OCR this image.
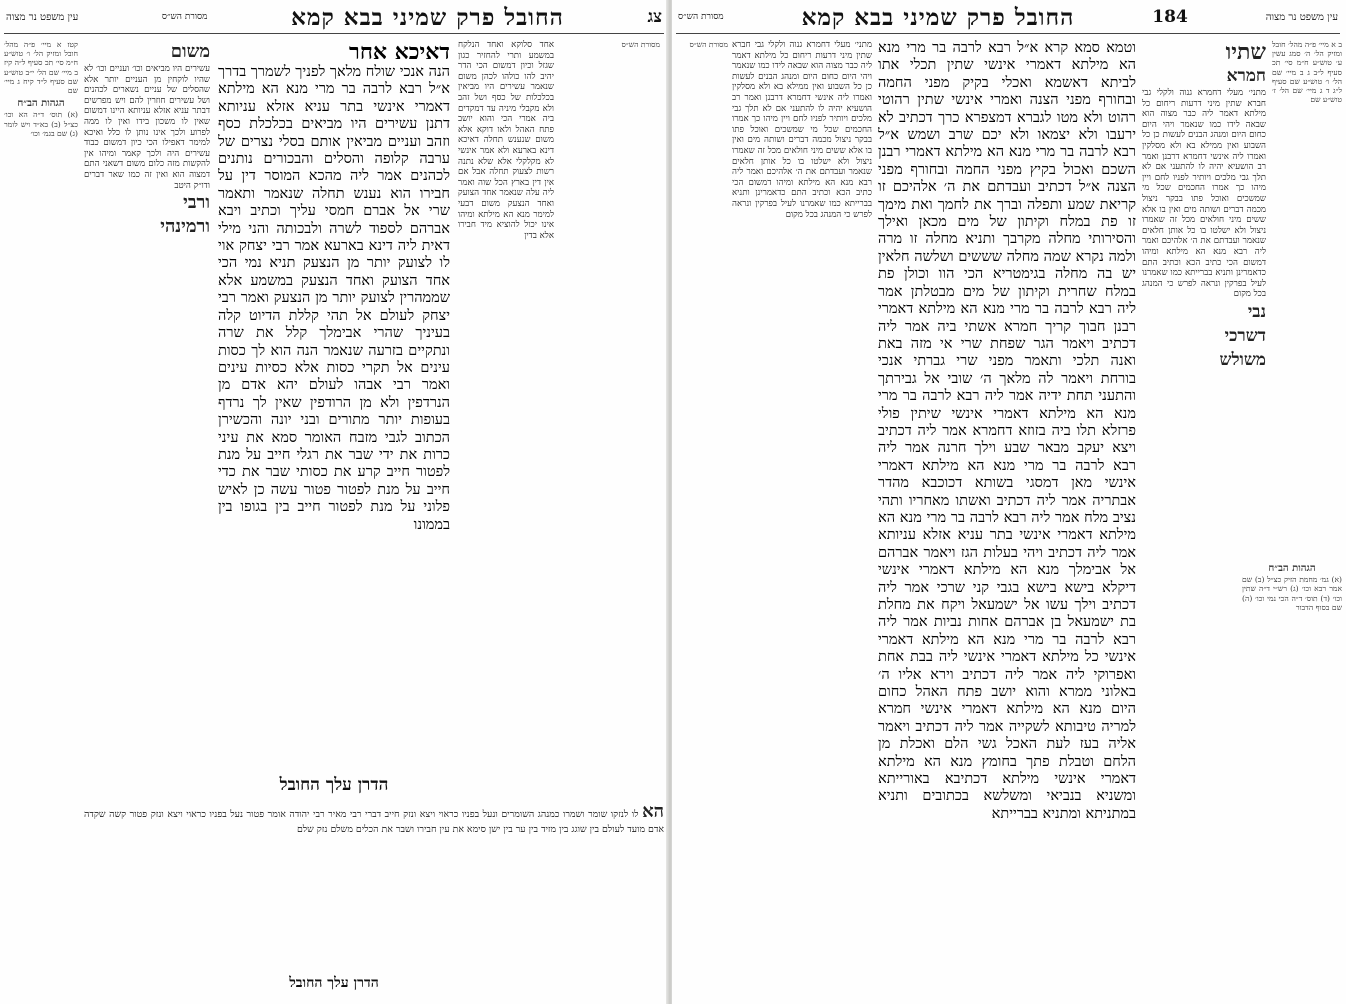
צג
החובל פרק שמיני בבא קמא
מסורת הש״ס
עין משפט נר מצוה
אחד סלוקא ואחד הנלקח במשמע ותרי להחזיר כגון שגזל וכיון דמשום הכי הדר יהיב להו כולהו לכהן משום שנאמר עשירים היו מביאין בכלכלות של כסף ושל זהב ולא מקבלי מיניה עד דמקדים ביה אמרי הכי והוא יושב פתח האהל ולאו דוקא אלא משום שנענש תחלה דאיכא דינא בארעא ולא אמר אינשי לא מקלקלי אלא שלא נתנה רשות לצעוק תחלה אבל אם אין דין בארץ הכל שוה ואמר ליה עלה שנאמר אחד הצועק ואחד הנצעק משום דבעי למימר מנא הא מילתא ומיהו אינו יכול להוציא מיד חבירו אלא בדין
דאיכא אחר
הנה אנכי שולח מלאך לפניך לשמרך בדרך א״ל רבא לרבה בר מרי מנא הא מילתא דאמרי אינשי בתר עניא אזלא עניותא דתנן עשירים היו מביאים בכלכלת כסף וזהב ועניים מביאין אותם בסלי נצרים של ערבה קלופה והסלים והבכורים נותנים לכהנים אמר ליה מהכא המוסר דין על חבירו הוא נענש תחלה שנאמר ותאמר שרי אל אברם חמסי עליך וכתיב ויבא אברהם לספוד לשרה ולבכותה והני מילי דאית ליה דינא בארעא אמר רבי יצחק אוי לו לצועק יותר מן הנצעק תניא נמי הכי אחד הצועק ואחד הנצעק במשמע אלא שממהרין לצועק יותר מן הנצעק ואמר רבי יצחק לעולם אל תהי קללת הדיוט קלה בעיניך שהרי אבימלך קלל את שרה ונתקיים בזרעה שנאמר הנה הוא לך כסות עינים אל תקרי כסות אלא כסיות עינים ואמר רבי אבהו לעולם יהא אדם מן הנרדפין ולא מן הרודפין שאין לך נרדף בעופות יותר מתורים ובני יונה והכשירן הכתוב לגבי מזבח האומר סמא את עיני כרות את ידי שבר את רגלי חייב על מנת לפטור חייב קרע את כסותי שבר את כדי חייב על מנת לפטור פטור עשה כן לאיש פלוני על מנת לפטור חייב בין בגופו בין בממונו
משום
עשירים היו מביאים וכו׳ ועניים וכו׳ לא שהיו לוקחין מן העניים יותר אלא שהסלים של עניים נשארים לכהנים ושל עשירים חוזרין להם ויש מפרשים דבתר עניא אזלא עניותא היינו דמשום שאין לו משכון בידו ואין לו ממה לפרוע ולכך אינו נותן לו כלל ואיכא למימר דאפילו הכי כיון דמשום כבוד עשירים היה ולכך קאמר ומיהו אין להקשות מזה כלום משום דשאני התם דמצוה הוא ואין זה כמו שאר דברים ודו״ק היטב
ורבי
ורמינהי
קטז א מיי׳ פ״ה מהל׳ חובל ומזיק הל׳ ו׳ טוש״ע ח״מ סי׳ תכ סעיף ל״ה קיז ב מיי׳ שם הל׳ י״ב טוש״ע שם סעיף ל״ד קיח ג מיי׳ שם
הגהות הב״ח
(א) תוס׳ ד״ה הא וכו׳ כצ״ל (ב) בא״ד ויש לומר (ג) שם בגמ׳ וכו׳
מסורת הש״ס
הדרן עלך החובל
הא לו לנזקו שומר ושמרו כמנהג השומרים ונעל בפניו כראוי ויצא ונזק חייב דברי רבי מאיר רבי יהודה אומר פטור נעל בפניו כראוי ויצא ונזק פטור קשה שקדה אדם מועד לעולם בין שוגג בין מזיד בין ער בין ישן סימא את עין חבירו ושבר את הכלים משלם נזק שלם
הדרן עלך החובל
עין משפט נר מצוה
184
החובל פרק שמיני בבא קמא
מסורת הש״ס
ב א מיי׳ פ״ה מהל׳ חובל ומזיק הל׳ ה׳ סמג עשין ע׳ טוש״ע ח״מ סי׳ תכ סעיף ל״ב ג ב מיי׳ שם הל׳ ו׳ טוש״ע שם סעיף ל״ג ד ג מיי׳ שם הל׳ ז׳ טוש״ע שם
שתיו
חמרא
מתני׳ מעלי דחמרא גנוה ולקלי גבי חברא שתין מיני דרעות ריחום כל מילתא דאמר ליה כבר מצוה הוא שבאה לידו כמו שנאמר ויהי היום כחום היום ומנהג הבנים לעשות כן כל השבוע ואין ממילא בא ולא מסלקין ואמרו ליה אינשי דחמרא דרבנן ואמר רב הושעיא יהיה לו להתעני אם לא תלך גבי מלכים ויותיר לפניו לחם ויין מיהו כך אמרו החכמים שכל מי שמשכים ואוכל פתו בבקר ניצול מכמה דברים ושותה מים ואין בו אלא ששים מיני חולאים מכל זה שאמרו ניצול ולא ישלטו בו כל אותן חלאים שנאמר ועבדתם את ה׳ אלהיכם ואמר ליה רבא מנא הא מילתא ומיהו דמשום הכי כתיב הכא וכתיב התם כדאמרינן ותניא בברייתא כמו שאמרנו לעיל בפרקין ונראה לפרש כי המנהג בכל מקום
נבי
דשרכי
משולש
וטמא סמא קרא א״ל רבא לרבה בר מרי מנא הא מילתא דאמרי אינשי שתין תכלי אתו לביתא דאשמא ואכלי בקיק מפני החמה ובחורף מפני הצנה ואמרי אינשי שתין רהוטי רהוט ולא מטו לגברא דמצפרא כרך דכתיב לא ירעבו ולא יצמאו ולא יכם שרב ושמש א״ל רבא לרבה בר מרי מנא הא מילתא דאמרי רבנן השכם ואכול בקיץ מפני החמה ובחורף מפני הצנה א״ל דכתיב ועבדתם את ה׳ אלהיכם זו קריאת שמע ותפלה וברך את לחמך ואת מימך זו פת במלח וקיתון של מים מכאן ואילך והסירותי מחלה מקרבך ותניא מחלה זו מרה ולמה נקרא שמה מחלה שששים ושלשה חלאין יש בה מחלה בגימטריא הכי הוו וכולן פת במלח שחרית וקיתון של מים מבטלתן אמר ליה רבא לרבה בר מרי מנא הא מילתא דאמרי רבנן חבוך קריך חמרא אשתי ביה אמר ליה דכתיב ויאמר הגר שפחת שרי אי מזה באת ואנה תלכי ותאמר מפני שרי גברתי אנכי בורחת ויאמר לה מלאך ה׳ שובי אל גבירתך והתעני תחת ידיה אמר ליה רבא לרבה בר מרי מנא הא מילתא דאמרי אינשי שיתין פולי פרזלא תלו ביה בזוזא דחמרא אמר ליה דכתיב ויצא יעקב מבאר שבע וילך חרנה אמר ליה רבא לרבה בר מרי מנא הא מילתא דאמרי אינשי מאן דמסגי בשותא דכוכבא מהדר אבתריה אמר ליה דכתיב ואשתו מאחריו ותהי נציב מלח אמר ליה רבא לרבה בר מרי מנא הא מילתא דאמרי אינשי בתר עניא אזלא עניותא אמר ליה דכתיב ויהי בעלות הגז ויאמר אברהם אל אבימלך מנא הא מילתא דאמרי אינשי דיקלא בישא בישא בגבי קני שרכי אמר ליה דכתיב וילך עשו אל ישמעאל ויקח את מחלת בת ישמעאל בן אברהם אחות נביות אמר ליה רבא לרבה בר מרי מנא הא מילתא דאמרי אינשי כל מילתא דאמרי אינשי ליה בבת אחת ואפרוקי ליה אמר ליה דכתיב וירא אליו ה׳ באלוני ממרא והוא יושב פתח האהל כחום היום מנא הא מילתא דאמרי אינשי חמרא למריה טיבותא לשקייה אמר ליה דכתיב ויאמר אליה בעז לעת האכל גשי הלם ואכלת מן הלחם וטבלת פתך בחומץ מנא הא מילתא דאמרי אינשי מילתא דכתיבא באורייתא ומשניא בנביאי ומשלשא בכתובים ותניא במתניתא ומתניא בברייתא
מתני׳ מעלי דחמרא גנוה ולקלי גבי חברא שתין מיני דרעות ריחום כל מילתא דאמר ליה כבר מצוה הוא שבאה לידו כמו שנאמר ויהי היום כחום היום ומנהג הבנים לעשות כן כל השבוע ואין ממילא בא ולא מסלקין ואמרו ליה אינשי דחמרא דרבנן ואמר רב הושעיא יהיה לו להתעני אם לא תלך גבי מלכים ויותיר לפניו לחם ויין מיהו כך אמרו החכמים שכל מי שמשכים ואוכל פתו בבקר ניצול מכמה דברים ושותה מים ואין בו אלא ששים מיני חולאים מכל זה שאמרו ניצול ולא ישלטו בו כל אותן חלאים שנאמר ועבדתם את ה׳ אלהיכם ואמר ליה רבא מנא הא מילתא ומיהו דמשום הכי כתיב הכא וכתיב התם כדאמרינן ותניא בברייתא כמו שאמרנו לעיל בפרקין ונראה לפרש כי המנהג בכל מקום
מסורת הש״ס
הגהות הב״ח
(א) גמ׳ מחמת הזיק כצ״ל (ב) שם אמר רבא וכו׳ (ג) רש״י ד״ה שתין וכו׳ (ד) תוס׳ ד״ה הכי נמי וכו׳ (ה) שם בסוף הדבור
